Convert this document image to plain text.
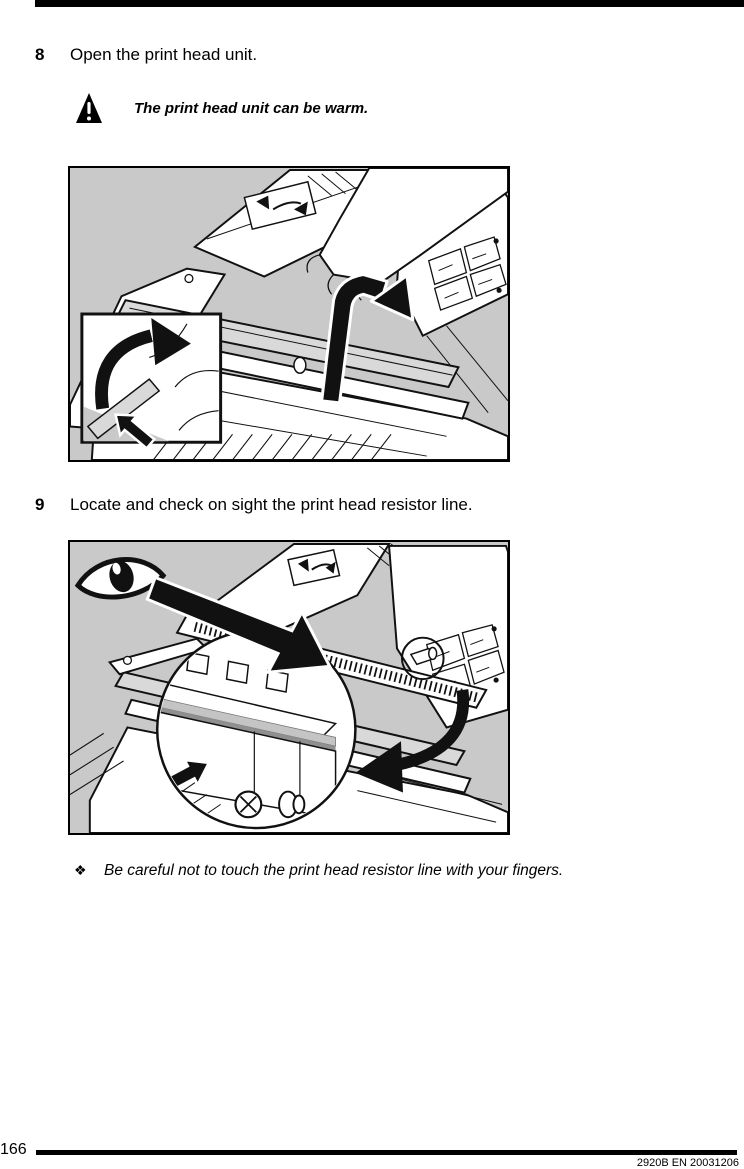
8	Open the print head unit.
The print head unit can be warm.
9	Locate and check on sight the print head resistor line.
❖	Be careful not to touch the print head resistor line with your fingers.
166
2920B EN 20031206
